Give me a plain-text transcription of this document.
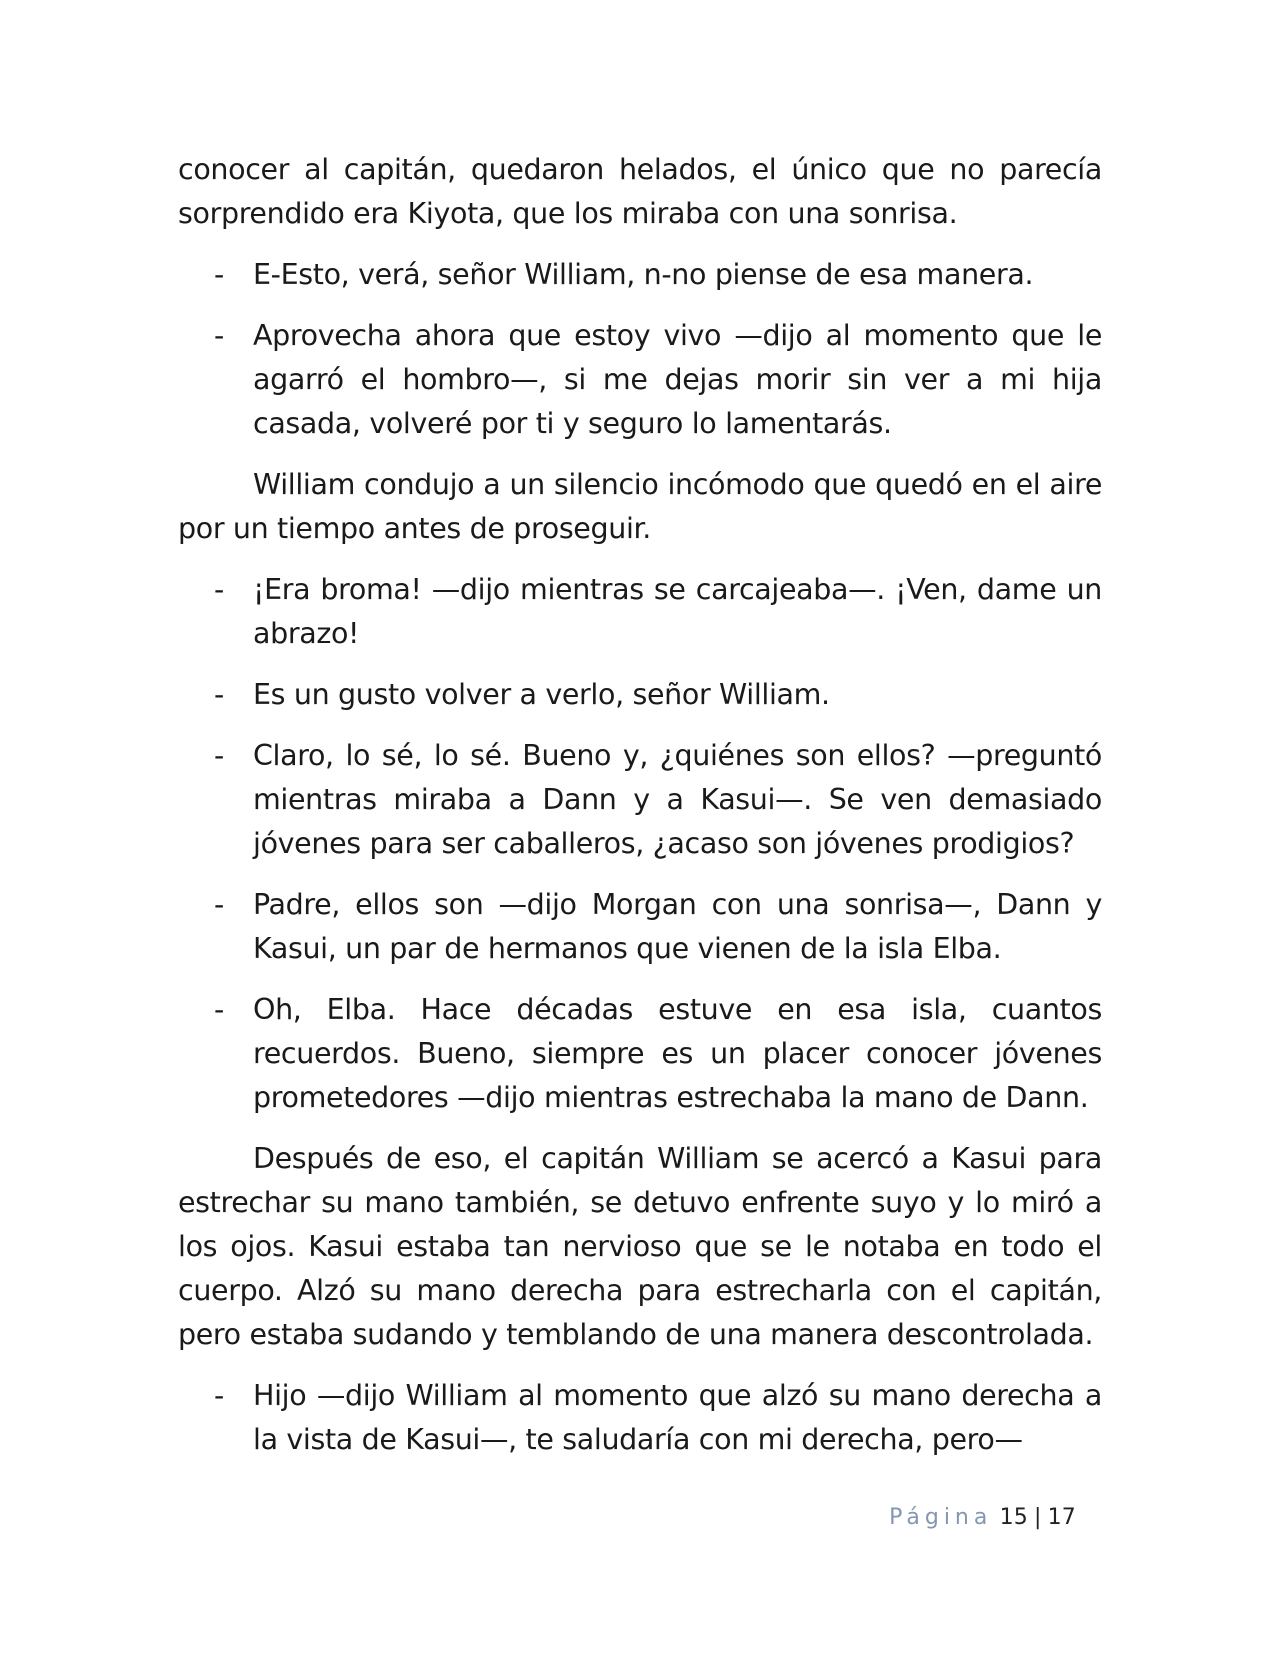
conocer al capitán, quedaron helados, el único que no parecía sorprendido era Kiyota, que los miraba con una sonrisa.

-	E-Esto, verá, señor William, n-no piense de esa manera.
-	Aprovecha ahora que estoy vivo —dijo al momento que le agarró el hombro—, si me dejas morir sin ver a mi hija casada, volveré por ti y seguro lo lamentarás.

William condujo a un silencio incómodo que quedó en el aire por un tiempo antes de proseguir.

-	¡Era broma! —dijo mientras se carcajeaba—. ¡Ven, dame un abrazo!
-	Es un gusto volver a verlo, señor William.
-	Claro, lo sé, lo sé. Bueno y, ¿quiénes son ellos? —preguntó mientras miraba a Dann y a Kasui—. Se ven demasiado jóvenes para ser caballeros, ¿acaso son jóvenes prodigios?
-	Padre, ellos son —dijo Morgan con una sonrisa—, Dann y Kasui, un par de hermanos que vienen de la isla Elba.
-	Oh, Elba. Hace décadas estuve en esa isla, cuantos recuerdos. Bueno, siempre es un placer conocer jóvenes prometedores —dijo mientras estrechaba la mano de Dann.

Después de eso, el capitán William se acercó a Kasui para estrechar su mano también, se detuvo enfrente suyo y lo miró a los ojos. Kasui estaba tan nervioso que se le notaba en todo el cuerpo. Alzó su mano derecha para estrecharla con el capitán, pero estaba sudando y temblando de una manera descontrolada.

-	Hijo —dijo William al momento que alzó su mano derecha a la vista de Kasui—, te saludaría con mi derecha, pero—
Página 15 | 17
